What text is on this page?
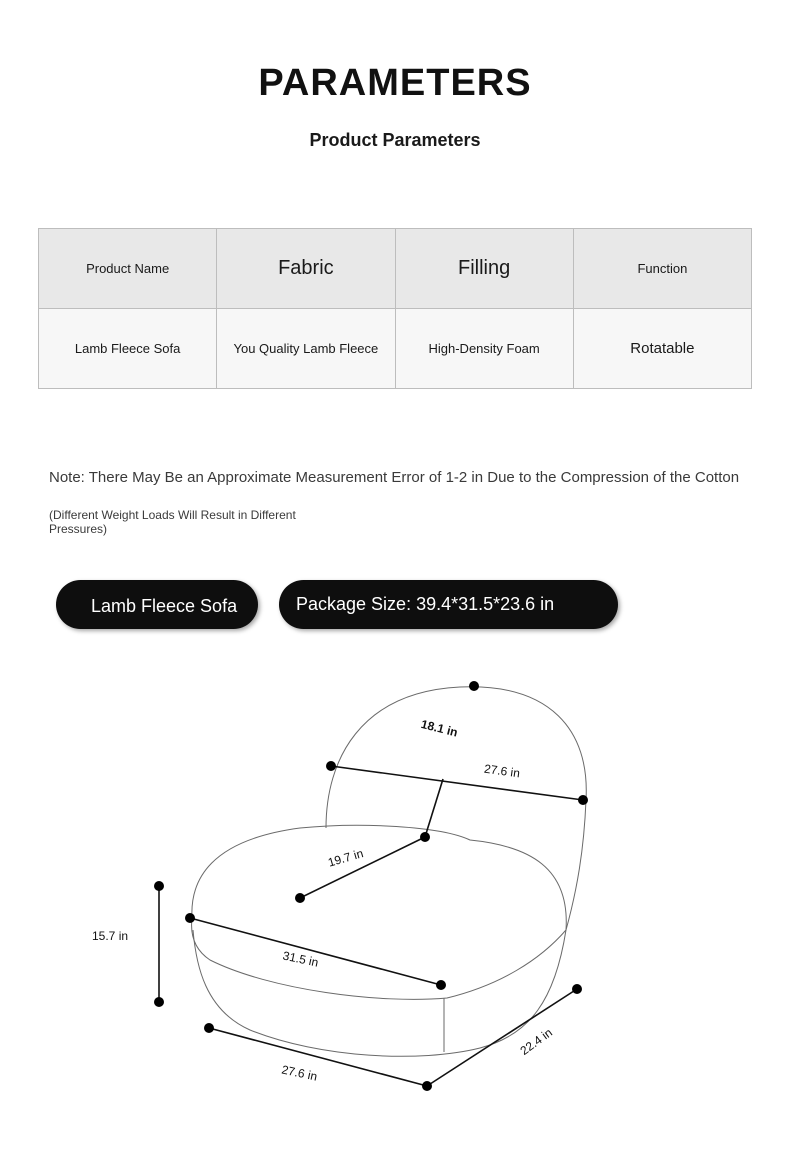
PARAMETERS
Product Parameters
Product Name	Fabric	Filling	Function
Lamb Fleece Sofa	You Quality Lamb Fleece	High-Density Foam	Rotatable
Note: There May Be an Approximate Measurement Error of 1-2 in Due to the Compression of the Cotton
(Different Weight Loads Will Result in Different Pressures)
Lamb Fleece Sofa	Package Size: 39.4*31.5*23.6 in
18.1 in
27.6 in
19.7 in
31.5 in
15.7 in
27.6 in
22.4 in
